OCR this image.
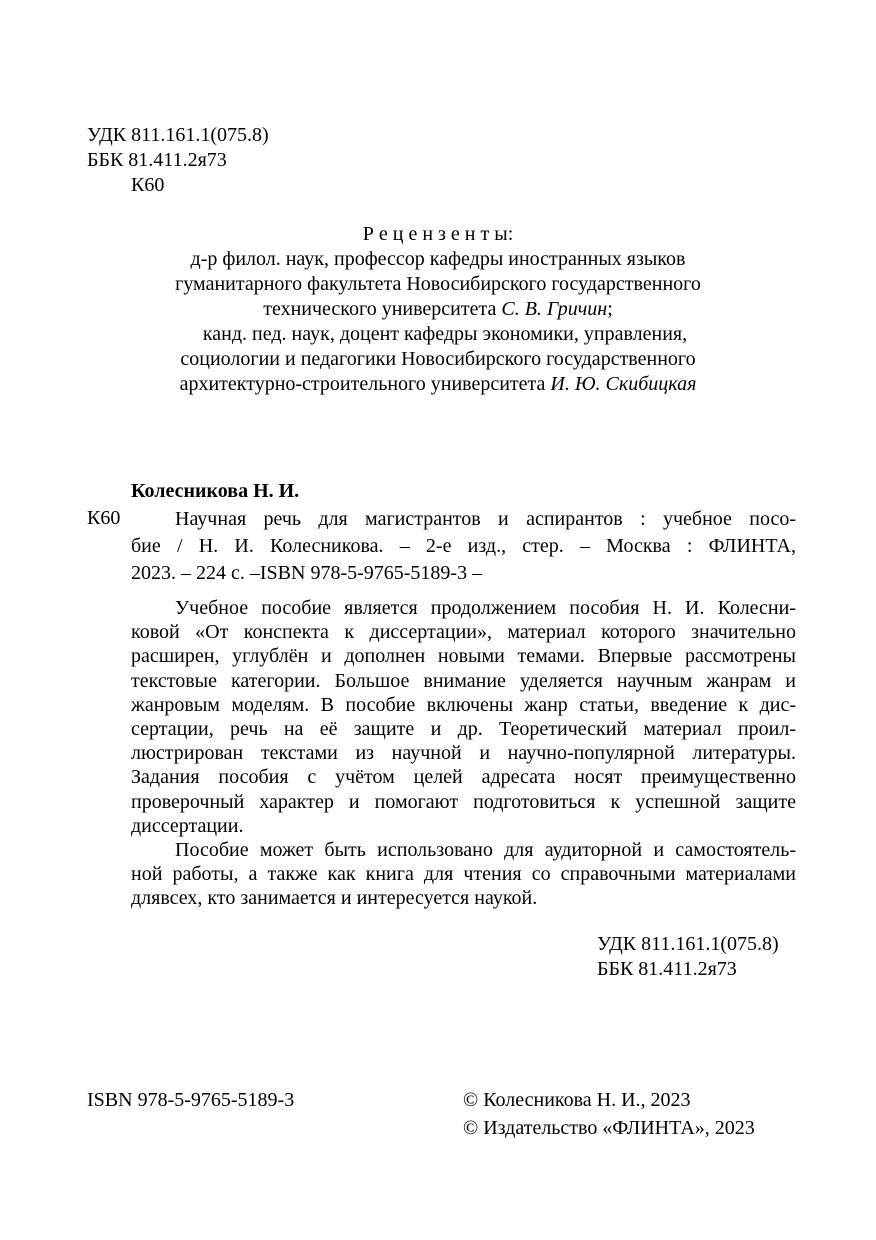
УДК 811.161.1(075.8)
ББК 81.411.2я73
К60
Р е ц е н з е н т ы:
д-р филол. наук, профессор кафедры иностранных языков
гуманитарного факультета Новосибирского государственного
технического университета С. В. Гричин;
канд. пед. наук, доцент кафедры экономики, управления,
социологии и педагогики Новосибирского государственного
архитектурно-строительного университета И. Ю. Скибицкая
Колесникова Н. И.
К60	Научная речь для магистрантов и аспирантов : учебное посо-
бие / Н. И. Колесникова. – 2-е изд., стер. – Москва : ФЛИНТА,
2023. – 224 с. –ISBN 978-5-9765-5189-3 –
Учебное пособие является продолжением пособия Н. И. Колесни-
ковой «От конспекта к диссертации», материал которого значительно
расширен, углублён и дополнен новыми темами. Впервые рассмотрены
текстовые категории. Большое внимание уделяется научным жанрам и
жанровым моделям. В пособие включены жанр статьи, введение к дис-
сертации, речь на её защите и др. Теоретический материал проил-
люстрирован текстами из научной и научно-популярной литературы.
Задания пособия с учётом целей адресата носят преимущественно
проверочный характер и помогают подготовиться к успешной защите
диссертации.
Пособие может быть использовано для аудиторной и самостоятель-
ной работы, а также как книга для чтения со справочными материалами
длявсех, кто занимается и интересуется наукой.
УДК 811.161.1(075.8)
ББК 81.411.2я73
ISBN 978-5-9765-5189-3	© Колесникова Н. И., 2023
© Издательство «ФЛИНТА», 2023
